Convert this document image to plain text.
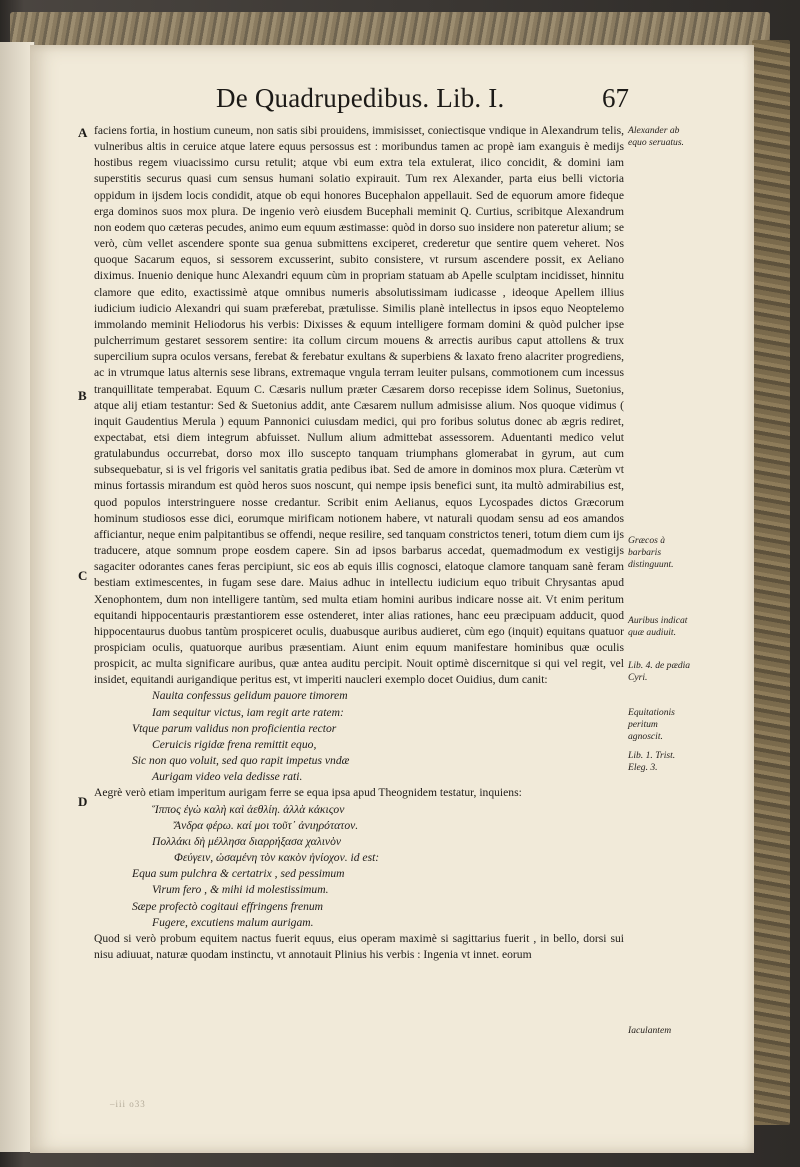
De Quadrupedibus. Lib. I.	67
A
B
C
D

faciens fortia, in hostium cuneum, non satis sibi prouidens, immisisset, coniectisque vndique in Alexandrum telis, vulneribus altis in ceruice atque latere equus persossus est : moribundus tamen ac propè iam exanguis è medijs hostibus regem viuacissimo cursu retulit; atque vbi eum extra tela extulerat, ilico concidit, & domini iam superstitis securus quasi cum sensus humani solatio expirauit. Tum rex Alexander, parta eius belli victoria oppidum in ijsdem locis condidit, atque ob equi honores Bucephalon appellauit. Sed de equorum amore fideque erga dominos suos mox plura. De ingenio verò eiusdem Bucephali meminit Q. Curtius, scribitque Alexandrum non eodem quo cæteras pecudes, animo eum equum æstimasse: quòd in dorso suo insidere non pateretur alium; se verò, cùm vellet ascendere sponte sua genua submittens exciperet, crederetur que sentire quem veheret. Nos quoque Sacarum equos, si sessorem excusserint, subito consistere, vt rursum ascendere possit, ex Aeliano diximus. Inuenio denique hunc Alexandri equum cùm in propriam statuam ab Apelle sculptam incidisset, hinnitu clamore que edito, exactissimè atque omnibus numeris absolutissimam iudicasse , ideoque Apellem illius iudicium iudicio Alexandri qui suam præferebat, prætulisse. Similis planè intellectus in ipsos equo Neoptelemo immolando meminit Heliodorus his verbis: Dixisses & equum intelligere formam domini & quòd pulcher ipse pulcherrimum gestaret sessorem sentire: ita collum circum mouens & arrectis auribus caput attollens & trux supercilium supra oculos versans, ferebat & ferebatur exultans & superbiens & laxato freno alacriter progrediens, ac in vtrumque latus alternis sese librans, extremaque vngula terram leuiter pulsans, commotionem cum incessus tranquillitate temperabat. Equum C. Cæsaris nullum præter Cæsarem dorso recepisse idem Solinus, Suetonius, atque alij etiam testantur: Sed & Suetonius addit, ante Cæsarem nullum admisisse alium. Nos quoque vidimus ( inquit Gaudentius Merula ) equum Pannonici cuiusdam medici, qui pro foribus solutus donec ab ægris rediret, expectabat, etsi diem integrum abfuisset. Nullum alium admittebat assessorem. Aduentanti medico velut gratulabundus occurrebat, dorso mox illo suscepto tanquam triumphans glomerabat in gyrum, aut cum subsequebatur, si is vel frigoris vel sanitatis gratia pedibus ibat. Sed de amore in dominos mox plura. Cæterùm vt minus fortassis mirandum est quòd heros suos noscunt, qui nempe ipsis benefici sunt, ita multò admirabilius est, quod populos interstringuere nosse credantur. Scribit enim Aelianus, equos Lycospades dictos Græcorum hominum studiosos esse dici, eorumque mirificam notionem habere, vt naturali quodam sensu ad eos amandos afficiantur, neque enim palpitantibus se offendi, neque resilire, sed tanquam constrictos teneri, totum diem cum ijs traducere, atque somnum prope eosdem capere. Sin ad ipsos barbarus accedat, quemadmodum ex vestigijs sagaciter odorantes canes feras percipiunt, sic eos ab equis illis cognosci, elatoque clamore tanquam sanè feram bestiam extimescentes, in fugam sese dare. Maius adhuc in intellectu iudicium equo tribuit Chrysantas apud Xenophontem, dum non intelligere tantùm, sed multa etiam homini auribus indicare nosse ait. Vt enim peritum equitandi hippocentauris præstantiorem esse ostenderet, inter alias rationes, hanc eeu præcipuam adducit, quod hippocentaurus duobus tantùm prospiceret oculis, duabusque auribus audieret, cùm ego (inquit) equitans quatuor prospiciam oculis, quatuorque auribus præsentiam. Aiunt enim equum manifestare hominibus quæ oculis prospicit, ac multa significare auribus, quæ antea auditu percipit. Nouit optimè discernitque si qui vel regit, vel insidet, equitandi aurigandique peritus est, vt imperiti naucleri exemplo docet Ouidius, dum canit:

Nauita confessus gelidum pauore timorem

Iam sequitur victus, iam regit arte ratem:

Vtque parum validus non proficientia rector

Ceruicis rigidæ frena remittit equo,

Sic non quo voluit, sed quo rapit impetus vndæ

Aurigam video vela dedisse rati.

Aegrè verò etiam imperitum aurigam ferre se equa ipsa apud Theognidem testatur, inquiens:

Ἵππος ἐγὼ καλὴ καὶ ἀεθλίη. ἀλλὰ κάκιςον

Ἄνδρα φέρω. καί μοι τοῦτ᾽ ἀνιηρότατον.

Πολλάκι δὴ μέλλησα διαρρήξασα χαλινὸν

Φεύγειν, ὠσαμένη τὸν κακὸν ἡνίοχον. id est:

Equa sum pulchra & certatrix , sed pessimum

Virum fero , & mihi id molestissimum.

Sæpe profectò cogitaui effringens frenum

Fugere, excutiens malum aurigam.

Quod si verò probum equitem nactus fuerit equus, eius operam maximè si sagittarius fuerit , in bello, dorsi sui nisu adiuuat, naturæ quodam instinctu, vt annotauit Plinius his verbis : Ingenia vt innet. eorum

Alexander ab equo seruatus.
Græcos à barbaris distinguunt.
Auribus indicat quæ audiuit.
Lib. 4. de pædia Cyri.
Equitationis peritum agnoscit.
Lib. 1. Trist. Eleg. 3.
Iaculantem
–iii o33
